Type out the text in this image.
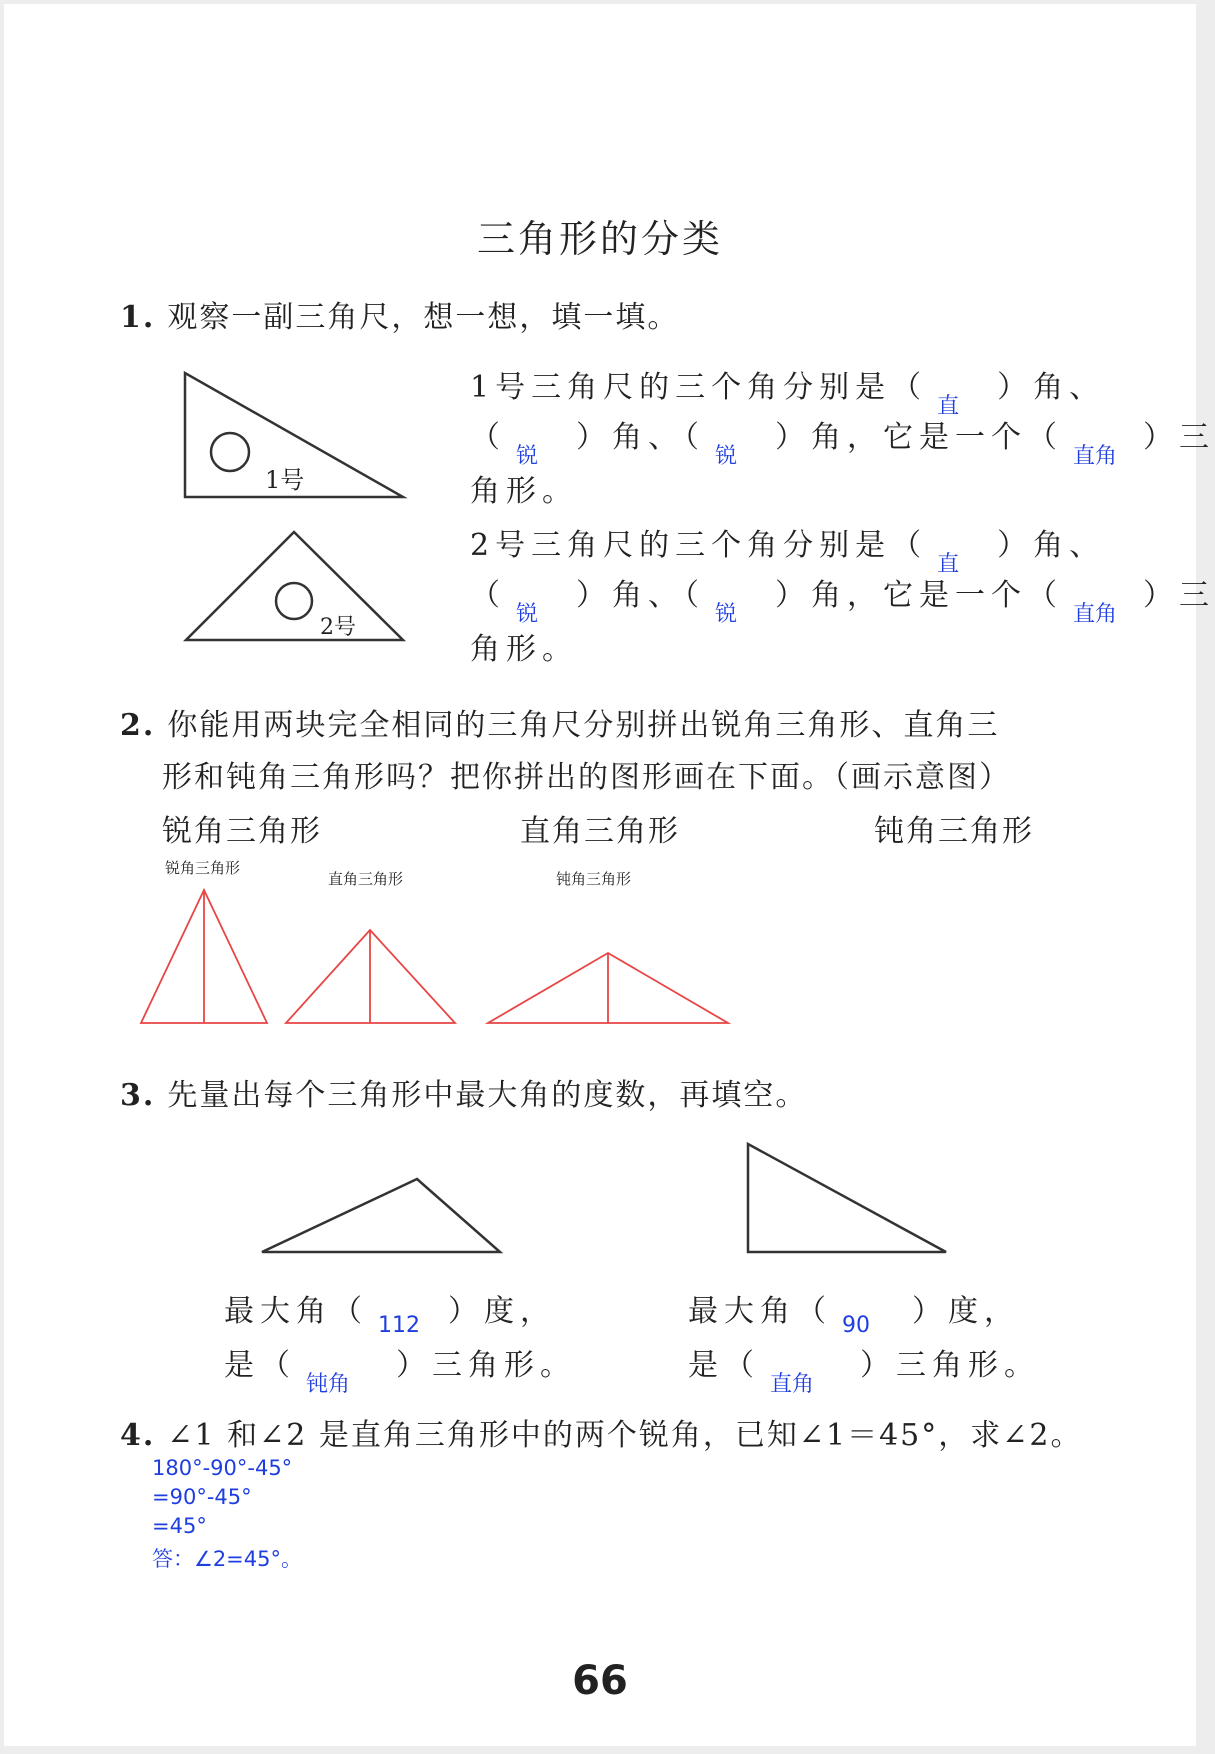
三角形的分类
1. 观察一副三角尺，想一想，填一填。
1号
2号
1号三角尺的三个角分别是（
直
）角、
（
锐
）角、（
锐
）角，它是一个（
直角
）三
角形。
2号三角尺的三个角分别是（
直
）角、
（
锐
）角、（
锐
）角，它是一个（
直角
）三
角形。
2. 你能用两块完全相同的三角尺分别拼出锐角三角形、直角三
形和钝角三角形吗？把你拼出的图形画在下面。（画示意图）
锐角三角形	直角三角形	钝角三角形
锐角三角形
直角三角形	钝角三角形
3. 先量出每个三角形中最大角的度数，再填空。
最大角（ 112 ）度，
是（
钝角
）三角形。
最大角（ 90 ）度，
是（
直角
）三角形。
4. ∠1 和∠2 是直角三角形中的两个锐角，已知∠1＝45°，求∠2。
180°-90°-45°
=90°-45°
=45°
答：∠2=45°。
66
